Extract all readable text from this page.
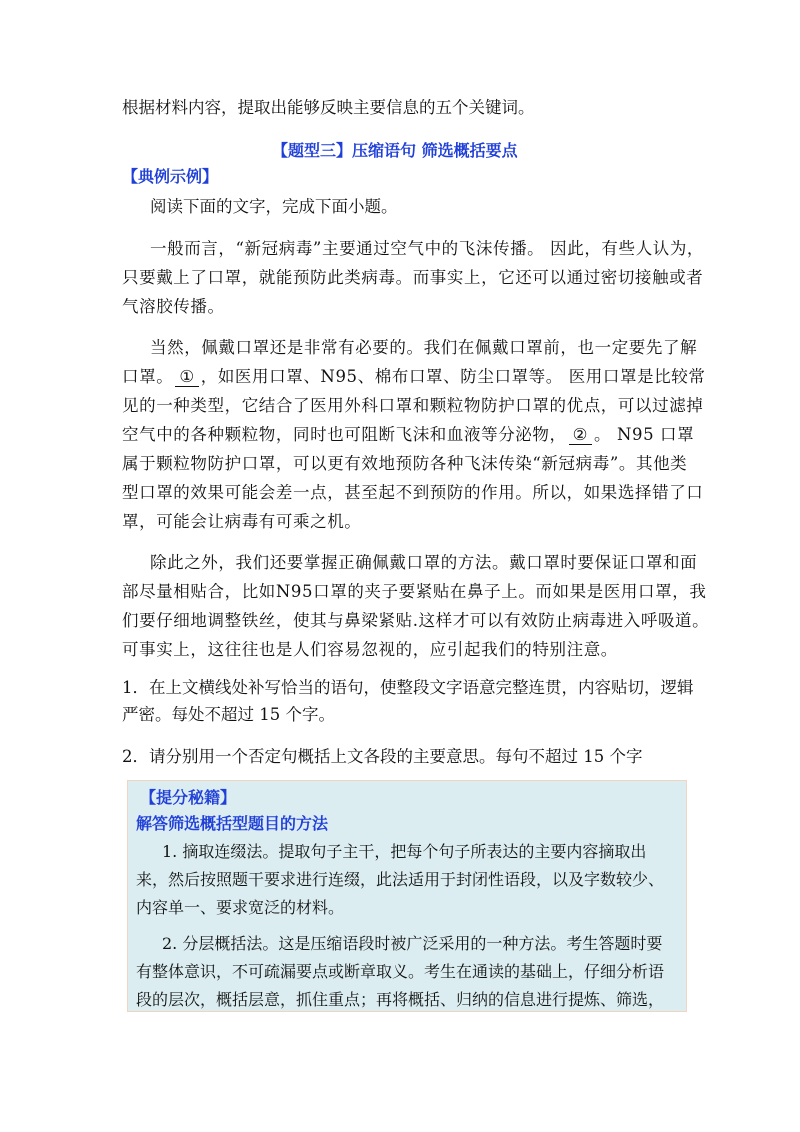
根据材料内容，提取出能够反映主要信息的五个关键词。
【题型三】压缩语句 筛选概括要点
【典例示例】
阅读下面的文字，完成下面小题。
一般而言，“新冠病毒”主要通过空气中的飞沫传播。 因此，有些人认为，
只要戴上了口罩，就能预防此类病毒。而事实上，它还可以通过密切接触或者
气溶胶传播。
当然，佩戴口罩还是非常有必要的。我们在佩戴口罩前，也一定要先了解
口罩。 ① ，如医用口罩、N95、棉布口罩、防尘口罩等。 医用口罩是比较常
见的一种类型，它结合了医用外科口罩和颗粒物防护口罩的优点，可以过滤掉
空气中的各种颗粒物，同时也可阻断飞沫和血液等分泌物， ② 。 N95 口罩
属于颗粒物防护口罩，可以更有效地预防各种飞沫传染“新冠病毒”。其他类
型口罩的效果可能会差一点，甚至起不到预防的作用。所以，如果选择错了口
罩，可能会让病毒有可乘之机。
除此之外，我们还要掌握正确佩戴口罩的方法。戴口罩时要保证口罩和面
部尽量相贴合，比如N95口罩的夹子要紧贴在鼻子上。而如果是医用口罩，我
们要仔细地调整铁丝，使其与鼻梁紧贴.这样才可以有效防止病毒进入呼吸道。
可事实上，这往往也是人们容易忽视的，应引起我们的特别注意。
1．在上文横线处补写恰当的语句，使整段文字语意完整连贯，内容贴切，逻辑
严密。每处不超过 15 个字。
2．请分别用一个否定句概括上文各段的主要意思。每句不超过 15 个字
【提分秘籍】
解答筛选概括型题目的方法
1. 摘取连缀法。提取句子主干，把每个句子所表达的主要内容摘取出
来，然后按照题干要求进行连缀，此法适用于封闭性语段，以及字数较少、
内容单一、要求宽泛的材料。
2. 分层概括法。这是压缩语段时被广泛采用的一种方法。考生答题时要
有整体意识，不可疏漏要点或断章取义。考生在通读的基础上，仔细分析语
段的层次，概括层意，抓住重点；再将概括、归纳的信息进行提炼、筛选，
